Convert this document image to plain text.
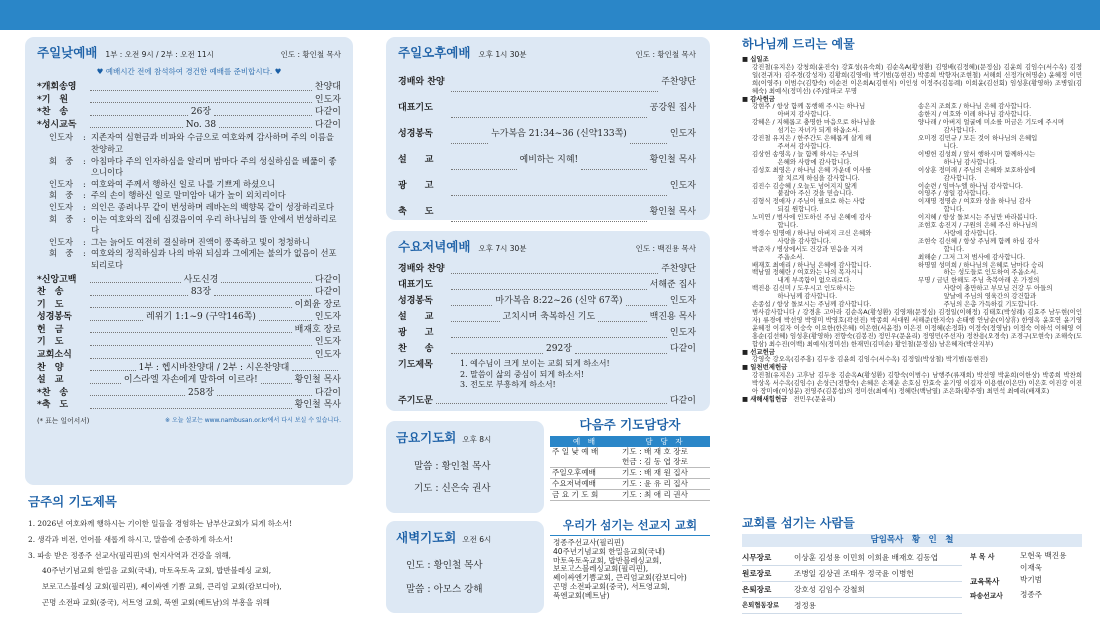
주일낮예배 1부 : 오전 9시 / 2부 : 오전 11시	인도 : 황인철 목사
♥ 예배시간 전에 참석하여 경건한 예배를 준비합시다. ♥
*개회송영	찬양대
*기　원	인도자
*찬　송	26장	다같이
*성시교독	No. 38	다같이
인도자	: 지존자여 심현금과 비파와 수금으로 여호와께 감사하며 주의 이름을 찬양하고
회　중	: 아침마다 주의 인자하심을 알리며 밤마다 주의 성실하심을 베풂이 좋으니이다
인도자	: 여호와여 주께서 행하신 일로 나를 기쁘게 하셨으니
회　중	: 주의 손이 행하신 일로 말미암아 내가 높이 외치리이다
인도자	: 의인은 종려나무 같이 번성하며 레바논의 백향목 같이 성장하리로다
회　중	: 이는 여호와의 집에 심겼음이여 우리 하나님의 뜰 안에서 번성하리로다
인도자	: 그는 늙어도 여전히 결실하며 진액이 풍족하고 빛이 청청하니
회　중	: 여호와의 정직하심과 나의 바위 되심과 그에게는 불의가 없음이 선포되리로다
*신앙고백	사도신경	다같이
찬　송	83장	다같이
기　도	이희윤 장로
성경봉독	레위기 1:1~9 (구약146쪽)	인도자
헌　금	배재호 장로
기　도	인도자
교회소식	인도자
찬　양	1부 : 헵시바찬양대 / 2부 : 시온찬양대
설　교	이스라엘 자손에게 말하여 이르라!	황인철 목사
*찬　송	258장	다같이
*축　도	황인철 목사
(* 표는 일어서서)	※ 오늘 설교는 www.nambusan.or.kr에서 다시 보실 수 있습니다.
금주의 기도제목
1. 2026년 여호와께 행하시는 기이한 일들을 경험하는 남부산교회가 되게 하소서!
2. 생각과 비전, 언어를 새롭게 하시고, 말씀에 순종하게 하소서!
3. 파송 받은 정종주 선교사(필리핀)의 현지사역과 건강을 위해,
40주년기념교회 한밀음 교회(국내), 마토옥토옥 교회, 밥반블레싱 교회,
보로고스블레싱 교회(필리핀), 쎄이싸엔 기쁨 교회, 큰리엄 교회(캄보디아),
곤명 소전파 교회(중국), 서트영 교회, 푹엔 교회(베트남)의 부흥을 위해
주일오후예배 오후 1시 30분	인도 : 황인철 목사
경배와 찬양	주찬양단
대표기도	공강원 집사
성경봉독	누가복음 21:34~36 (신약133쪽)	인도자
설　　교	예비하는 지혜!	황인철 목사
광　　고	인도자
축　　도	황인철 목사
수요저녁예배 오후 7시 30분	인도 : 백진용 목사
경배와 찬양	주찬양단
대표기도	서해준 집사
성경봉독	마가복음 8:22~26 (신약 67쪽)	인도자
설　　교	고치시며 축복하신 기도	백진용 목사
광　　고	인도자
찬　　송	292장	다같이
기도제목	1. 예수님이 크게 보이는 교회 되게 하소서!
2. 말씀이 삶의 중심이 되게 하소서!
3. 전도로 부흥하게 하소서!
주기도문	다같이
금요기도회 오후 8시
말씀 : 황인철 목사
기도 : 신은숙 권사
새벽기도회 오전 6시
인도 : 황인철 목사
말씀 : 아모스 강해
다음주 기도담당자
예　배	담　당　자
주 일 낮 예 배	기도 : 배 재 호 장로
헌금 : 김 동 엽 장로

주일오후예배	기도 : 배 재 원 집사

수요저녁예배	기도 : 윤 유 리 집사

금 요 기 도 회	기도 : 최 애 리 권사
우리가 섬기는 선교지 교회
정종주선교사(필리핀)
40주년기념교회 한밀음교회(국내)
마토옥토옥교회, 밥반블레싱교회,
보로고스블레싱교회(필리핀),
쎄이싸엔기쁨교회, 큰리엄교회(캄보디아)
곤명 소전파교회(중국), 서트영교회,
푹엔교회(베트남)
하나님께 드리는 예물
■ 십일조
강진철(유지은) 강청희(윤진숙) 강효성(유숙희) 김순옥A(황성환) 김영배(김정혜)(문정심) 김윤희 김임수(서수옥) 김정일(전귀자) 김주경(강성자) 김황희(김영애) 박기범(동현진) 박종희 박향자(조현철) 서해희 신정가(허명순) 윤혜정 이민희(이영주) 이범수(김향숙) 이순전 이은희A(김현식) 이인성 이정주(김동례) 이희윤(김선회) 임성훈(황영하) 조병일(김혜숙) 최예식(정미선) (주)알파코 무명
■ 감사헌금
강현주 / 항상 함께 동행해 주시는 하나님
　　　　아버지 감사합니다.
강혜은 / 지혜롭고 충명한 마음으로 하나님을
　　　　섬기는 자녀가 되게 하옵소서.
강진철 유지은 / 한주간도 은혜롭게 살게 해
　　　　주셔서 감사합니다.
김상헌 송영옥 / 늘 함께 하시는 주님의
　　　　은혜와 사랑에 감사합니다.
김성호 최영은 / 하나님 은혜 가운데 이사를
　　　　잘 치르게 하심을 감사합니다.
김진수 김승혜 / 오늘도 넘어지지 않게
　　　　붙잡아 주신 것을 믿습니다.
김형식 정애자 / 주님이 필요로 하는 사람
　　　　되길 원합니다.
노미연 / 범사에 인도하신 주님 은혜에 감사
　　　　합니다.
박경수 임명애 / 하나님 아버지 크신 은혜와
　　　　사랑을 감사합니다.
박준자 / 병상에서도 건강과 믿음을 지켜
　　　　주옵소서.
배재호 최애리 / 하나님 은혜에 감사합니다.
백남열 정혜란 / 여호와는 나의 목자시니
　　　　내게 부족함이 없으리로다.
백진용 김신미 / 도우시고 인도하시는
　　　　하나님께 감사합니다.
손종섭 / 항상 돌보시는 주님께 감사합니다.
송은지 조희호 / 하나님 은혜 감사합니다.
송한지 / 여호와 이레 하나님 감사합니다.
양나래 / 아버지 얼굴에 미소를 머금은 기도에 주시며
　　　　감사합니다.
오미경 김민규 / 모든 것이 하나님의 은혜입
　　　　니다.
이병헌 김성희 / 앞서 행하시며 함께하시는
　　　　하나님 감사합니다.
이상훈 정미래 / 주님의 은혜와 보호하심에
　　　　감사합니다.
이순련 / 임마누엘 하나님 감사합니다.
이영주 / 생일 감사합니다.
이재명 정명순 / 여호와 상을 하나님 감사
　　　　합니다.
이지혜 / 항상 돌보시는 주님만 바라봅니다.
조현호 송진지 / 구원의 은혜 주신 하나님의
　　　　사랑에 감사합니다.
조현숙 김신혜 / 항상 주님께 함께 하심 감사
　　　　합니다.
최해순 / 그저 그저 범사에 감사합니다.
하명열 성미희 / 하나님의 은혜로 남마다 승리
　　　　하는 성도들로 인도하여 주옵소서.
무명 / 금년 한해도 주님 축복아래 온 가정의
　　　　사랑이 충만하고 부모님 건강 두 아들의
　　　　앞날에 주님의 영육간의 강건함과
　　　　주님의 은총 가득하길 기도합니다.
범사감사합니다 / 강경훈 고아라 김순옥A(황성환) 김영채(문정심) 김정일(이해정) 김태호(박성례) 김효주 남두현(이인자) 류경애 박선영 박영미 박영호(곽선진) 박종희 서대원 서해준(한지숙) 손태행 안남순(이상휴) 한영옥 윤호연 윤기영 윤혜정 이길자 이숭숙 이요한(한은혜) 이은현(서윤정) 이은진 이정혜(손정화) 이정숙(정영남) 이정숙 이하석 이혜영 이홍순(김선혜) 임성훈(황영하) 전향숙(김봉진) 정민우(문윤리) 정영민(주선자) 정찬용(오경숙) 조경구(모현숙) 조해숙(도합삼) 최수진(이백) 최예식(정미선) 한재민(김미순) 황인철(문정심) 남은혜자(박산지부)
■ 선교헌금
강영숙 강오옥(김주홍) 김두웅 김윤희 김임수(서수옥) 김정일(박상철) 박기범(동현진)
■ 일천번제헌금
강진철(유지은) 고후남 김두웅 김순옥A(황성환) 김향숙(이범수) 남행주(류재희) 박선영 박윤희(이한상) 박종희 박찬희 박상옥 서수옥(김임수) 손성근(전향숙) 손혜은 손제운 손호심 안효숙 윤기영 이길자 이용현(이은만) 이은호 이진강 이진아 장미애(이성분) 전영주(김봉섭)의 정미선(최예식) 정혜란(백남열) 조은화(황주영) 최민석 최예리(배재호)
■ 새해새힘헌금 전민우(문윤리)
교회를 섬기는 사람들
담임목사　황　인　철
시무장로	이상훈 김성용 이민희 이희윤 배재호 김동엽
원로장로	조병일 김상권 조태우 정국윤 이병헌
은퇴장로	강호성 김임수 강철희
은퇴협동장로	정정용
부 목 사	모현욱 백진용
이재욱
교육목사	박기범
파송선교사	정종주
